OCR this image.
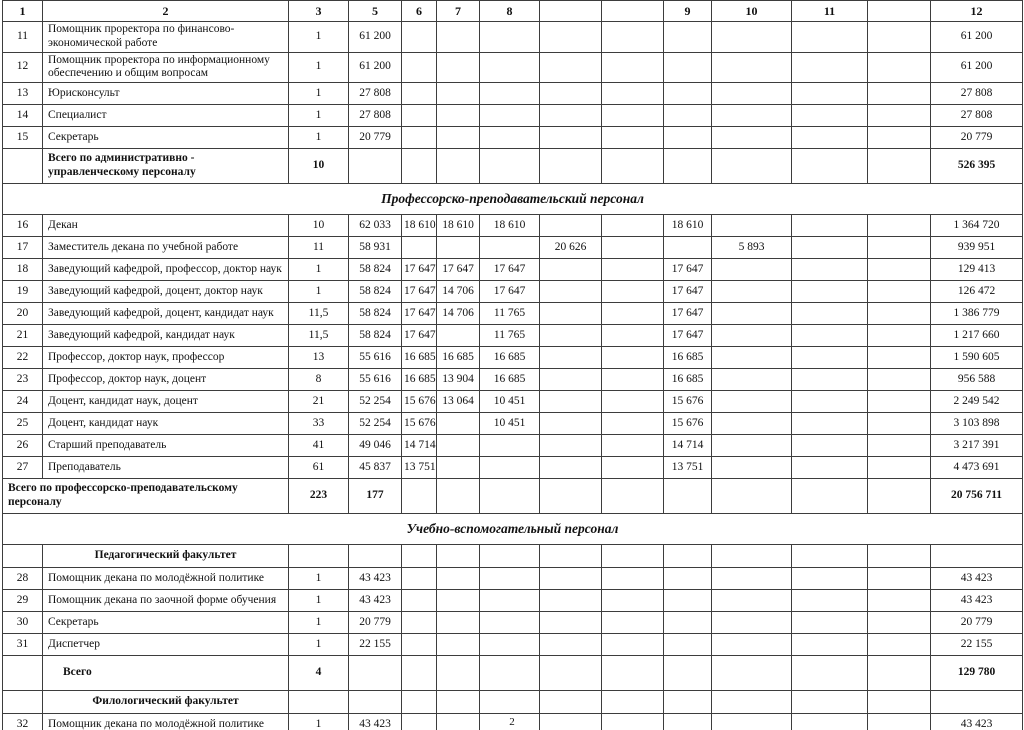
1	2	3	5	6	7	8			9	10	11		12
11	Помощник проректора по финансово-экономической работе	1	61 200										61 200
12	Помощник проректора по информационному обеспечению и общим вопросам	1	61 200										61 200
13	Юрисконсульт	1	27 808										27 808
14	Специалист	1	27 808										27 808
15	Секретарь	1	20 779										20 779
	Всего по административно - управленческому персоналу	10											526 395
Профессорско-преподавательский персонал													
16	Декан	10	62 033	18 610	18 610	18 610			18 610				1 364 720
17	Заместитель декана по учебной работе	11	58 931				20 626			5 893			939 951
18	Заведующий кафедрой, профессор, доктор наук	1	58 824	17 647	17 647	17 647			17 647				129 413
19	Заведующий кафедрой, доцент, доктор наук	1	58 824	17 647	14 706	17 647			17 647				126 472
20	Заведующий кафедрой, доцент, кандидат наук	11,5	58 824	17 647	14 706	11 765			17 647				1 386 779
21	Заведующий кафедрой, кандидат наук	11,5	58 824	17 647		11 765			17 647				1 217 660
22	Профессор, доктор наук, профессор	13	55 616	16 685	16 685	16 685			16 685				1 590 605
23	Профессор, доктор наук, доцент	8	55 616	16 685	13 904	16 685			16 685				956 588
24	Доцент, кандидат наук, доцент	21	52 254	15 676	13 064	10 451			15 676				2 249 542
25	Доцент, кандидат наук	33	52 254	15 676		10 451			15 676				3 103 898
26	Старший преподаватель	41	49 046	14 714					14 714				3 217 391
27	Преподаватель	61	45 837	13 751					13 751				4 473 691
Всего по профессорско-преподавательскому персоналу		223	177										20 756 711
Учебно-вспомогательный персонал													
	Педагогический факультет												
28	Помощник декана по молодёжной политике	1	43 423										43 423
29	Помощник декана по заочной форме обучения	1	43 423										43 423
30	Секретарь	1	20 779										20 779
31	Диспетчер	1	22 155										22 155
	Всего	4											129 780
	Филологический факультет												
32	Помощник декана по молодёжной политике	1	43 423										43 423
2
